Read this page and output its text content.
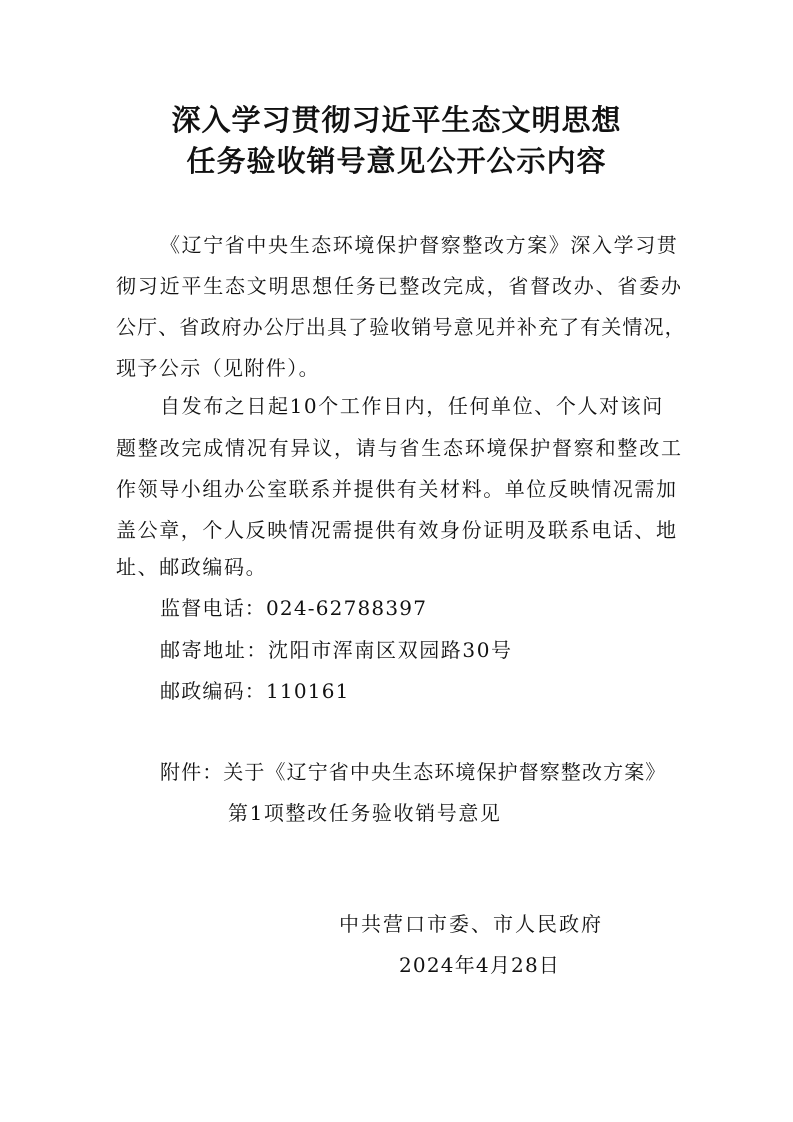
深入学习贯彻习近平生态文明思想
任务验收销号意见公开公示内容
《辽宁省中央生态环境保护督察整改方案》深入学习贯
彻习近平生态文明思想任务已整改完成，省督改办、省委办
公厅、省政府办公厅出具了验收销号意见并补充了有关情况，
现予公示（见附件）。
自发布之日起10个工作日内，任何单位、个人对该问
题整改完成情况有异议，请与省生态环境保护督察和整改工
作领导小组办公室联系并提供有关材料。单位反映情况需加
盖公章，个人反映情况需提供有效身份证明及联系电话、地
址、邮政编码。
监督电话：024-62788397
邮寄地址：沈阳市浑南区双园路30号
邮政编码：110161
附件：关于《辽宁省中央生态环境保护督察整改方案》
第1项整改任务验收销号意见
中共营口市委、市人民政府
2024年4月28日
